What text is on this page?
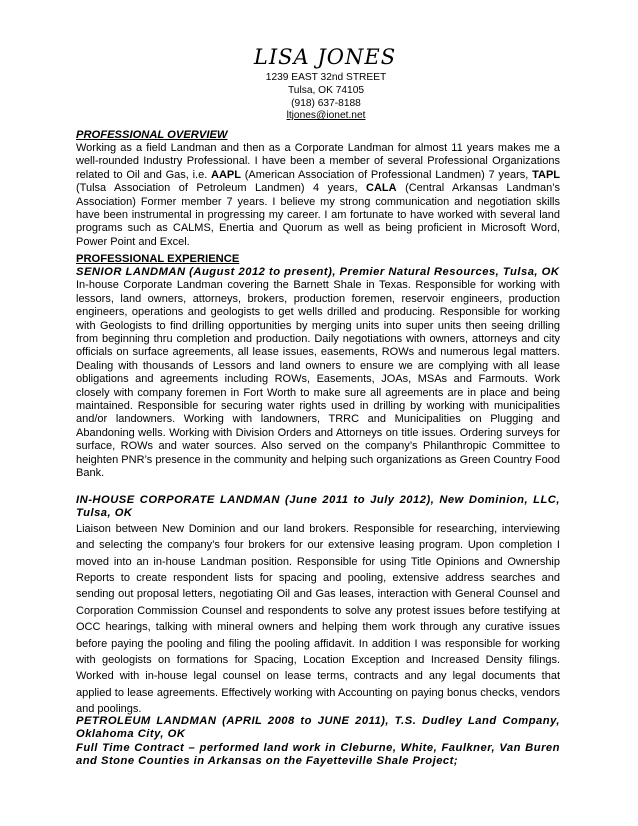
LISA JONES
1239 EAST 32nd STREET
Tulsa, OK 74105
(918) 637-8188
ltjones@ionet.net
PROFESSIONAL OVERVIEW
Working as a field Landman and then as a Corporate Landman for almost 11 years makes me a well-rounded Industry Professional. I have been a member of several Professional Organizations related to Oil and Gas, i.e. AAPL (American Association of Professional Landmen) 7 years, TAPL (Tulsa Association of Petroleum Landmen) 4 years, CALA (Central Arkansas Landman’s Association) Former member 7 years. I believe my strong communication and negotiation skills have been instrumental in progressing my career. I am fortunate to have worked with several land programs such as CALMS, Enertia and Quorum as well as being proficient in Microsoft Word, Power Point and Excel.
PROFESSIONAL EXPERIENCE
SENIOR LANDMAN (August 2012 to present), Premier Natural Resources, Tulsa, OK
In-house Corporate Landman covering the Barnett Shale in Texas. Responsible for working with lessors, land owners, attorneys, brokers, production foremen, reservoir engineers, production engineers, operations and geologists to get wells drilled and producing. Responsible for working with Geologists to find drilling opportunities by merging units into super units then seeing drilling from beginning thru completion and production. Daily negotiations with owners, attorneys and city officials on surface agreements, all lease issues, easements, ROWs and numerous legal matters. Dealing with thousands of Lessors and land owners to ensure we are complying with all lease obligations and agreements including ROWs, Easements, JOAs, MSAs and Farmouts. Work closely with company foremen in Fort Worth to make sure all agreements are in place and being maintained. Responsible for securing water rights used in drilling by working with municipalities and/or landowners. Working with landowners, TRRC and Municipalities on Plugging and Abandoning wells. Working with Division Orders and Attorneys on title issues. Ordering surveys for surface, ROWs and water sources. Also served on the company’s Philanthropic Committee to heighten PNR’s presence in the community and helping such organizations as Green Country Food Bank.
IN-HOUSE CORPORATE LANDMAN (June 2011 to July 2012), New Dominion, LLC, Tulsa, OK
Liaison between New Dominion and our land brokers. Responsible for researching, interviewing and selecting the company’s four brokers for our extensive leasing program. Upon completion I moved into an in-house Landman position. Responsible for using Title Opinions and Ownership Reports to create respondent lists for spacing and pooling, extensive address searches and sending out proposal letters, negotiating Oil and Gas leases, interaction with General Counsel and Corporation Commission Counsel and respondents to solve any protest issues before testifying at OCC hearings, talking with mineral owners and helping them work through any curative issues before paying the pooling and filing the pooling affidavit. In addition I was responsible for working with geologists on formations for Spacing, Location Exception and Increased Density filings. Worked with in-house legal counsel on lease terms, contracts and any legal documents that applied to lease agreements. Effectively working with Accounting on paying bonus checks, vendors and poolings.
PETROLEUM LANDMAN (APRIL 2008 to JUNE 2011), T.S. Dudley Land Company, Oklahoma City, OK
Full Time Contract – performed land work in Cleburne, White, Faulkner, Van Buren and Stone Counties in Arkansas on the Fayetteville Shale Project;
